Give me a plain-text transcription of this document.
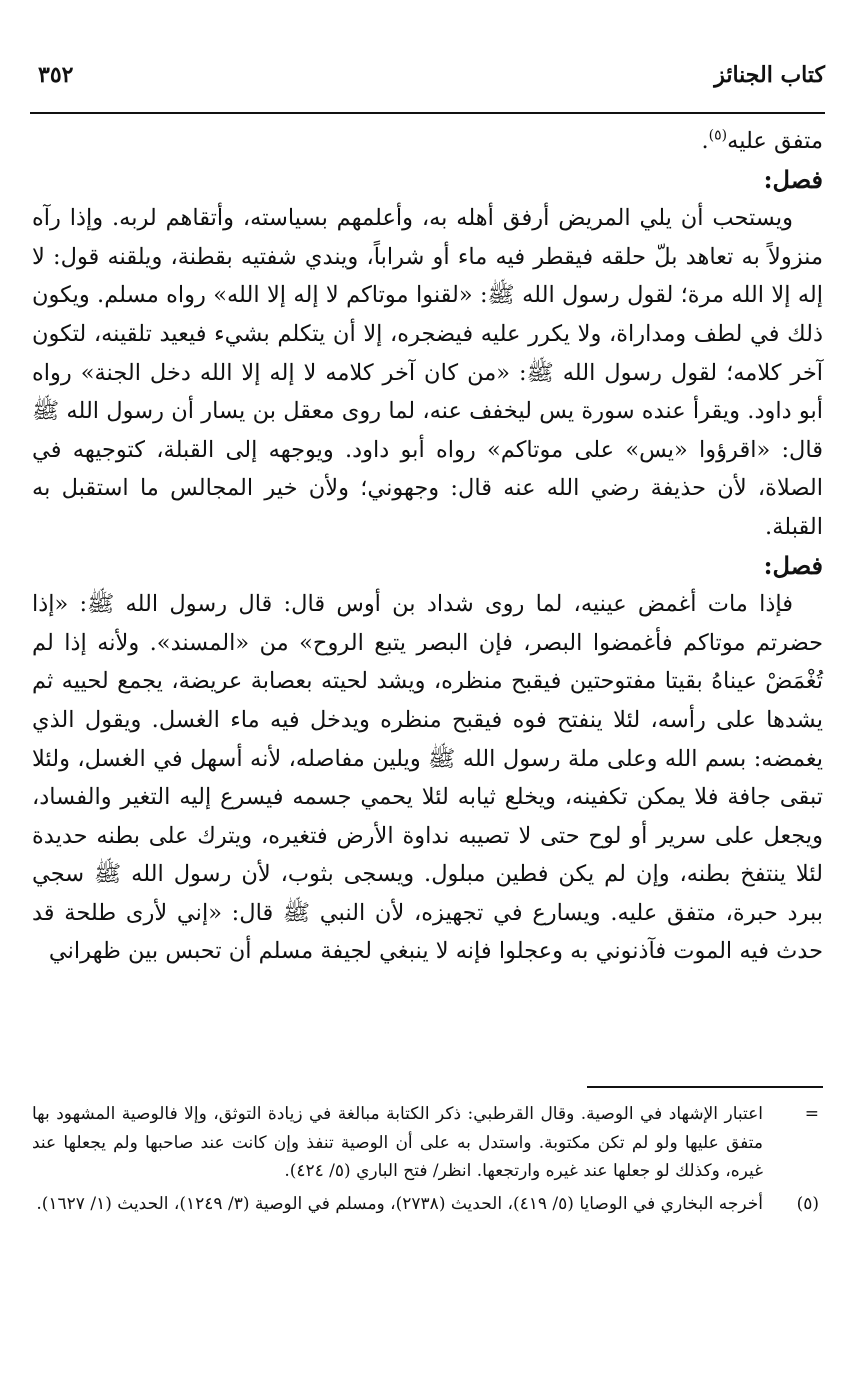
كتاب الجنائز
٣٥٢

متفق عليه$^{(٥)}$.

فصل:

ويستحب أن يلي المريض أرفق أهله به، وأعلمهم بسياسته، وأتقاهم لربه. وإذا رآه منزولاً به تعاهد بلّ حلقه فيقطر فيه ماء أو شراباً، ويندي شفتيه بقطنة، ويلقنه قول: لا إله إلا الله مرة؛ لقول رسول الله ﷺ: «لقنوا موتاكم لا إله إلا الله» رواه مسلم. ويكون ذلك في لطف ومداراة، ولا يكرر عليه فيضجره، إلا أن يتكلم بشيء فيعيد تلقينه، لتكون آخر كلامه؛ لقول رسول الله ﷺ: «من كان آخر كلامه لا إله إلا الله دخل الجنة» رواه أبو داود. ويقرأ عنده سورة يس ليخفف عنه، لما روى معقل بن يسار أن رسول الله ﷺ قال: «اقرؤوا «يس» على موتاكم» رواه أبو داود. ويوجهه إلى القبلة، كتوجيهه في الصلاة، لأن حذيفة رضي الله عنه قال: وجهوني؛ ولأن خير المجالس ما استقبل به القبلة.

فصل:

فإذا مات أغمض عينيه، لما روى شداد بن أوس قال: قال رسول الله ﷺ: «إذا حضرتم موتاكم فأغمضوا البصر، فإن البصر يتبع الروح» من «المسند». ولأنه إذا لم تُغْمَضْ عيناهُ بقيتا مفتوحتين فيقبح منظره، ويشد لحيته بعصابة عريضة، يجمع لحييه ثم يشدها على رأسه، لئلا ينفتح فوه فيقبح منظره ويدخل فيه ماء الغسل. ويقول الذي يغمضه: بسم الله وعلى ملة رسول الله ﷺ ويلين مفاصله، لأنه أسهل في الغسل، ولئلا تبقى جافة فلا يمكن تكفينه، ويخلع ثيابه لئلا يحمي جسمه فيسرع إليه التغير والفساد، ويجعل على سرير أو لوح حتى لا تصيبه نداوة الأرض فتغيره، ويترك على بطنه حديدة لئلا ينتفخ بطنه، وإن لم يكن فطين مبلول. ويسجى بثوب، لأن رسول الله ﷺ سجي ببرد حبرة، متفق عليه. ويسارع في تجهيزه، لأن النبي ﷺ قال: «إني لأرى طلحة قد حدث فيه الموت فآذنوني به وعجلوا فإنه لا ينبغي لجيفة مسلم أن تحبس بين ظهراني

=
اعتبار الإشهاد في الوصية. وقال القرطبي: ذكر الكتابة مبالغة في زيادة التوثق، وإلا فالوصية المشهود بها متفق عليها ولو لم تكن مكتوبة. واستدل به على أن الوصية تنفذ وإن كانت عند صاحبها ولم يجعلها عند غيره، وكذلك لو جعلها عند غيره وارتجعها. انظر/ فتح الباري (٥/ ٤٢٤).
(٥)
أخرجه البخاري في الوصايا (٥/ ٤١٩)، الحديث (٢٧٣٨)، ومسلم في الوصية (٣/ ١٢٤٩)، الحديث (١/ ١٦٢٧).
